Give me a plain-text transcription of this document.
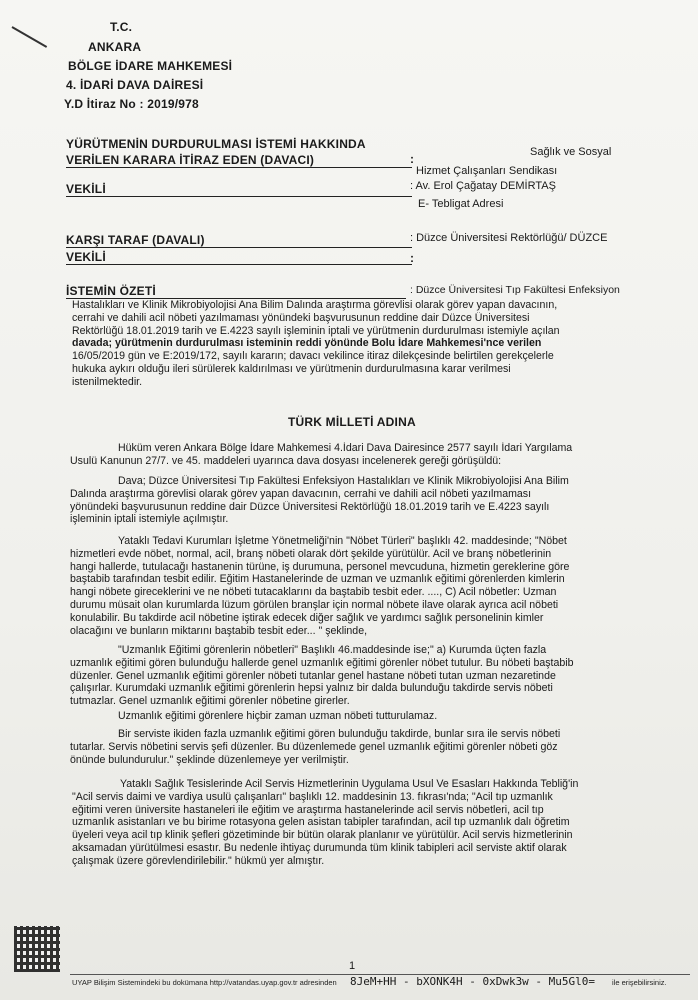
T.C.
ANKARA
BÖLGE İDARE MAHKEMESİ
4. İDARİ DAVA DAİRESİ
Y.D İtiraz No : 2019/978
YÜRÜTMENİN DURDURULMASI İSTEMİ HAKKINDA
VERİLEN KARARA İTİRAZ EDEN (DAVACI)	:	Sağlık ve Sosyal
Hizmet Çalışanları Sendikası
VEKİLİ	: Av. Erol Çağatay DEMİRTAŞ
E- Tebligat Adresi
KARŞI TARAF (DAVALI)	: Düzce Üniversitesi Rektörlüğü/ DÜZCE
VEKİLİ	:
İSTEMİN ÖZETİ	: Düzce Üniversitesi Tıp Fakültesi Enfeksiyon
Hastalıkları ve Klinik Mikrobiyolojisi Ana Bilim Dalında araştırma görevlisi olarak görev yapan davacının,
cerrahi ve dahili acil nöbeti yazılmaması yönündeki başvurusunun reddine dair Düzce Üniversitesi
Rektörlüğü 18.01.2019 tarih ve E.4223 sayılı işleminin iptali ve yürütmenin durdurulması istemiyle açılan
davada; yürütmenin durdurulması isteminin reddi yönünde Bolu İdare Mahkemesi'nce verilen
16/05/2019 gün ve E:2019/172, sayılı kararın; davacı vekilince itiraz dilekçesinde belirtilen gerekçelerle
hukuka aykırı olduğu ileri sürülerek kaldırılması ve yürütmenin durdurulmasına karar verilmesi
istenilmektedir.
TÜRK MİLLETİ ADINA
Hüküm veren Ankara Bölge İdare Mahkemesi 4.İdari Dava Dairesince 2577 sayılı İdari Yargılama
Usulü Kanunun 27/7. ve 45. maddeleri uyarınca dava dosyası incelenerek gereği görüşüldü:
Dava; Düzce Üniversitesi Tıp Fakültesi Enfeksiyon Hastalıkları ve Klinik Mikrobiyolojisi Ana Bilim
Dalında araştırma görevlisi olarak görev yapan davacının, cerrahi ve dahili acil nöbeti yazılmaması
yönündeki başvurusunun reddine dair Düzce Üniversitesi Rektörlüğü 18.01.2019 tarih ve E.4223 sayılı
işleminin iptali istemiyle açılmıştır.
Yataklı Tedavi Kurumları İşletme Yönetmeliği'nin "Nöbet Türleri" başlıklı 42. maddesinde; "Nöbet
hizmetleri evde nöbet, normal, acil, branş nöbeti olarak dört şekilde yürütülür. Acil ve branş nöbetlerinin
hangi hallerde, tutulacağı hastanenin türüne, iş durumuna, personel mevcuduna, hizmetin gereklerine göre
baştabib tarafından tesbit edilir. Eğitim Hastanelerinde de uzman ve uzmanlık eğitimi görenlerden kimlerin
hangi nöbete gireceklerini ve ne nöbeti tutacaklarını da baştabib tesbit eder. ...., C) Acil nöbetler: Uzman
durumu müsait olan kurumlarda lüzum görülen branşlar için normal nöbete ilave olarak ayrıca acil nöbeti
konulabilir. Bu takdirde acil nöbetine iştirak edecek diğer sağlık ve yardımcı sağlık personelinin kimler
olacağını ve bunların miktarını baştabib tesbit eder... " şeklinde,
"Uzmanlık Eğitimi görenlerin nöbetleri" Başlıklı 46.maddesinde ise;" a) Kurumda üçten fazla
uzmanlık eğitimi gören bulunduğu hallerde genel uzmanlık eğitimi görenler nöbet tutulur. Bu nöbeti baştabib
düzenler. Genel uzmanlık eğitimi görenler nöbeti tutanlar genel hastane nöbeti tutan uzman nezaretinde
çalışırlar. Kurumdaki uzmanlık eğitimi görenlerin hepsi yalnız bir dalda bulunduğu takdirde servis nöbeti
tutmazlar. Genel uzmanlık eğitimi görenler nöbetine girerler.
Uzmanlık eğitimi görenlere hiçbir zaman uzman nöbeti tutturulamaz.
Bir serviste ikiden fazla uzmanlık eğitimi gören bulunduğu takdirde, bunlar sıra ile servis nöbeti
tutarlar. Servis nöbetini servis şefi düzenler. Bu düzenlemede genel uzmanlık eğitimi görenler nöbeti göz
önünde bulundurulur." şeklinde düzenlemeye yer verilmiştir.
Yataklı Sağlık Tesislerinde Acil Servis Hizmetlerinin Uygulama Usul Ve Esasları Hakkında Tebliğ'in
"Acil servis daimi ve vardiya usulü çalışanları" başlıklı 12. maddesinin 13. fıkrası'nda; "Acil tıp uzmanlık
eğitimi veren üniversite hastaneleri ile eğitim ve araştırma hastanelerinde acil servis nöbetleri, acil tıp
uzmanlık asistanları ve bu birime rotasyona gelen asistan tabipler tarafından, acil tıp uzmanlık dalı öğretim
üyeleri veya acil tıp klinik şefleri gözetiminde bir bütün olarak planlanır ve yürütülür. Acil servis hizmetlerinin
aksamadan yürütülmesi esastır. Bu nedenle ihtiyaç durumunda tüm klinik tabipleri acil serviste aktif olarak
çalışmak üzere görevlendirilebilir." hükmü yer almıştır.
1
UYAP Bilişim Sistemindeki bu dokümana http://vatandas.uyap.gov.tr adresinden 8JeM+HH - bXONK4H - 0xDwk3w - Mu5Gl0= ile erişebilirsiniz.
